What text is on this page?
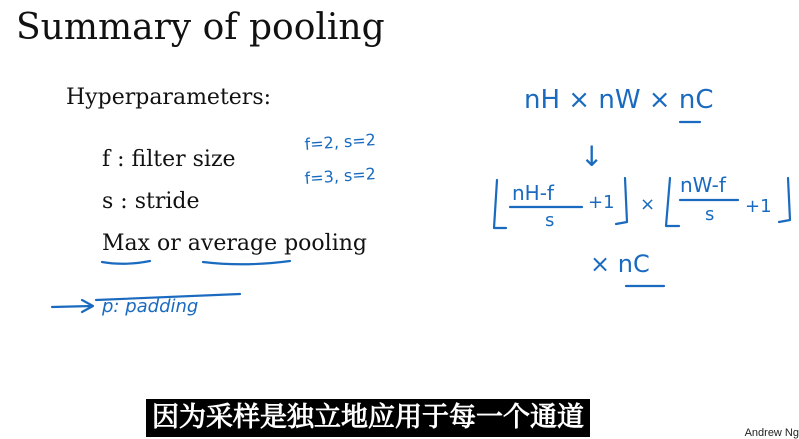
Summary of pooling
Hyperparameters:
f : filter size
s : stride
Max or average pooling
f=2, s=2
f=3, s=2
p: padding
nH × nW × nC
↓
nH-f
s
+1 ×
nW-f
s +1
× nC
因为采样是独立地应用于每一个通道	Andrew Ng
